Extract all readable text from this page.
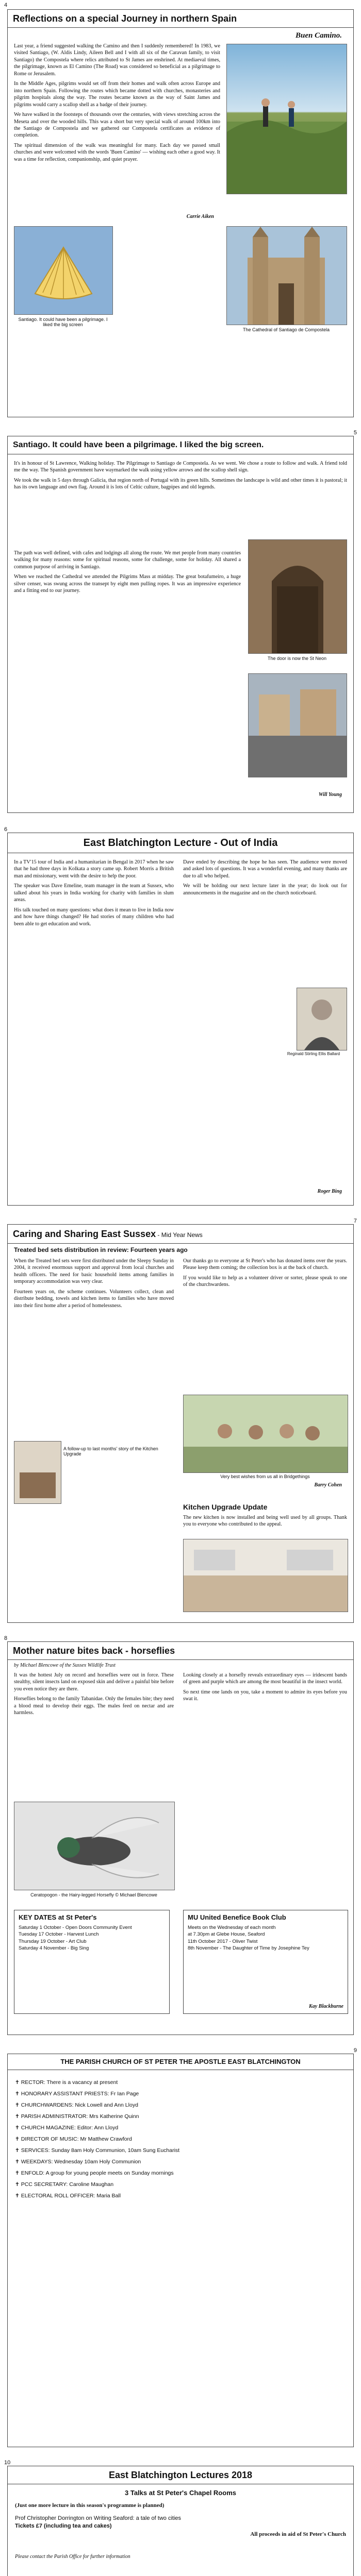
4
Reflections on a special Journey in northern Spain
Buen Camino.

Last year, a friend suggested walking the Camino and then I suddenly remembered! In 1983, we visited Santiago, (W. Aldis Lindy, Aileen Bell and I with all six of the Caravan family, to visit Santiago) the Compostela where relics attributed to St James are enshrined. At mediaeval times, the pilgrimage, known as El Camino (The Road) was considered so beneficial as a pilgrimage to Rome or Jerusalem.

In the Middle Ages, pilgrims would set off from their homes and walk often across Europe and into northern Spain. Following the routes which became dotted with churches, monasteries and pilgrim hospitals along the way. The routes became known as the way of Saint James and pilgrims would carry a scallop shell as a badge of their journey.

We have walked in the footsteps of thousands over the centuries, with views stretching across the Meseta and over the wooded hills. This was a short but very special walk of around 100km into the Santiago de Compostela and we gathered our Compostela certificates as evidence of completion.

The spiritual dimension of the walk was meaningful for many. Each day we passed small churches and were welcomed with the words 'Buen Camino' — wishing each other a good way. It was a time for reflection, companionship, and quiet prayer.

Santiago. It could have been a pilgrimage. I liked the big screen
The Cathedral of Santiago de Compostela
Carrie Aiken
5
Santiago. It could have been a pilgrimage. I liked the big screen.

It's in honour of St Lawrence, Walking holiday. The Pilgrimage to Santiago de Compostela. As we went. We chose a route to follow and walk. A friend told me the way. The Spanish government have waymarked the walk using yellow arrows and the scallop shell sign.

We took the walk in 5 days through Galicia, that region north of Portugal with its green hills. Sometimes the landscape is wild and other times it is pastoral; it has its own language and own flag. Around it is lots of Celtic culture, bagpipes and old legends.

The path was well defined, with cafes and lodgings all along the route. We met people from many countries walking for many reasons: some for spiritual reasons, some for challenge, some for holiday. All shared a common purpose of arriving in Santiago.

When we reached the Cathedral we attended the Pilgrims Mass at midday. The great botafumeiro, a huge silver censer, was swung across the transept by eight men pulling ropes. It was an impressive experience and a fitting end to our journey.

The door is now the St Neon
Will Young
6
East Blatchington Lecture - Out of India

In a TV'15 tour of India and a humanitarian in Bengal in 2017 when he saw that he had three days in Kolkata a story came up. Robert Morris a British man and missionary, went with the desire to help the poor.

The speaker was Dave Emeline, team manager in the team at Sussex, who talked about his years in India working for charity with families in slum areas.

His talk touched on many questions: what does it mean to live in India now and how have things changed? He had stories of many children who had been able to get education and work.

Dave ended by describing the hope he has seen. The audience were moved and asked lots of questions. It was a wonderful evening, and many thanks are due to all who helped.

We will be holding our next lecture later in the year; do look out for announcements in the magazine and on the church noticeboard.

Reginald Stirling Ellis Ballard
Roger Bing
7
Caring and Sharing East Sussex - Mid Year News
Treated bed sets distribution in review: Fourteen years ago

When the Treated bed sets were first distributed under the Sleepy Sunday in 2004, it received enormous support and approval from local churches and health officers. The need for basic household items among families in temporary accommodation was very clear.

Fourteen years on, the scheme continues. Volunteers collect, clean and distribute bedding, towels and kitchen items to families who have moved into their first home after a period of homelessness.

Our thanks go to everyone at St Peter's who has donated items over the years. Please keep them coming; the collection box is at the back of church.

If you would like to help as a volunteer driver or sorter, please speak to one of the churchwardens.

A follow-up to last months' story of the Kitchen Upgrade
Very best wishes from us all in Bridgethings
Barry Cohen
Kitchen Upgrade Update
The new kitchen is now installed and being well used by all groups. Thank you to everyone who contributed to the appeal.
8
Mother nature bites back - horseflies
by Michael Blencowe of the Sussex Wildlife Trust

It was the hottest July on record and horseflies were out in force. These stealthy, silent insects land on exposed skin and deliver a painful bite before you even notice they are there.

Horseflies belong to the family Tabanidae. Only the females bite; they need a blood meal to develop their eggs. The males feed on nectar and are harmless.

Looking closely at a horsefly reveals extraordinary eyes — iridescent bands of green and purple which are among the most beautiful in the insect world.

So next time one lands on you, take a moment to admire its eyes before you swat it.

Ceratopogon - the Hairy-legged Horsefly © Michael Blencowe
KEY DATES at St Peter's
Saturday 1 October - Open Doors Community Event
Tuesday 17 October - Harvest Lunch
Thursday 19 October - Art Club
Saturday 4 November - Big Sing
MU United Benefice Book Club
Meets on the Wednesday of each month
at 7.30pm at Glebe House, Seaford
11th October 2017 - Oliver Twist
8th November - The Daughter of Time by Josephine Tey
Kay Blackburne
9
THE PARISH CHURCH OF ST PETER THE APOSTLE EAST BLATCHINGTON
✝ RECTOR: There is a vacancy at present
✝ HONORARY ASSISTANT PRIESTS: Fr Ian Page
✝ CHURCHWARDENS: Nick Lowell and Ann Lloyd
✝ PARISH ADMINISTRATOR: Mrs Katherine Quinn
✝ CHURCH MAGAZINE: Editor: Ann Lloyd
✝ DIRECTOR OF MUSIC: Mr Matthew Crawford
✝ SERVICES: Sunday 8am Holy Communion, 10am Sung Eucharist
✝ WEEKDAYS: Wednesday 10am Holy Communion
✝ ENFOLD: A group for young people meets on Sunday mornings
✝ PCC SECRETARY: Caroline Maughan
✝ ELECTORAL ROLL OFFICER: Maria Ball
10
East Blatchington Lectures 2018
3 Talks at St Peter's Chapel Rooms
(Just one more lecture in this season's programme is planned)
Prof Christopher Dorrington on Writing Seaford: a tale of two cities
Tickets £7 (including tea and cakes)
All proceeds in aid of St Peter's Church
Please contact the Parish Office for further information
